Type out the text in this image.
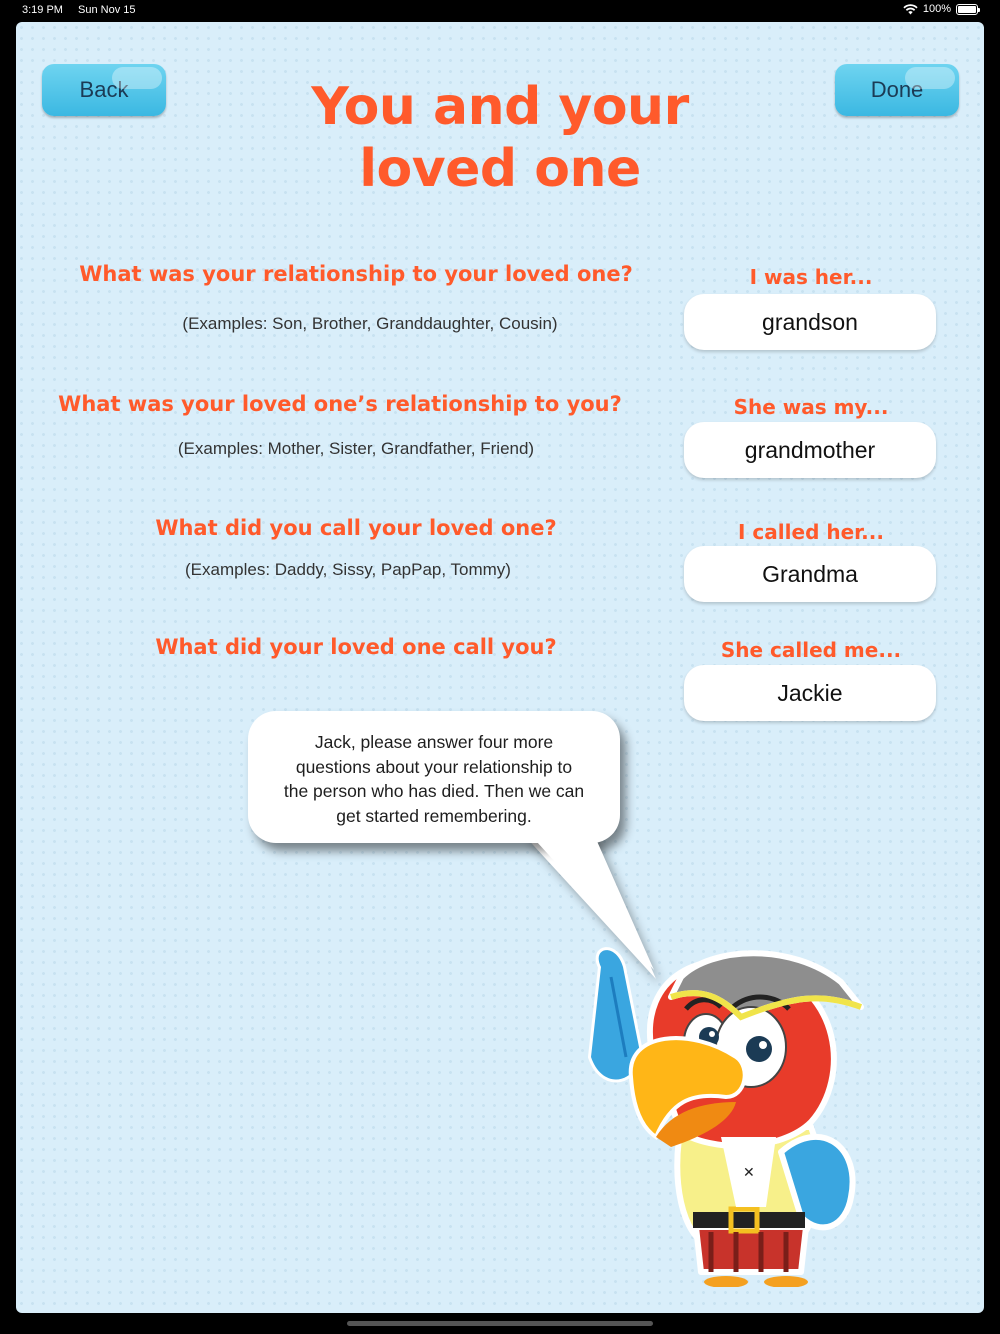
3:19 PM Sun Nov 15	100%
Back	Done
You and your
loved one
What was your relationship to your loved one?
(Examples: Son, Brother, Granddaughter, Cousin)
I was her...
grandson
What was your loved one’s relationship to you?
(Examples: Mother, Sister, Grandfather, Friend)
She was my...
grandmother
What did you call your loved one?
(Examples: Daddy, Sissy, PapPap, Tommy)
I called her...
Grandma
What did your loved one call you?	She called me...
Jackie
Jack, please answer four more
questions about your relationship to
the person who has died. Then we can
get started remembering.
✕
